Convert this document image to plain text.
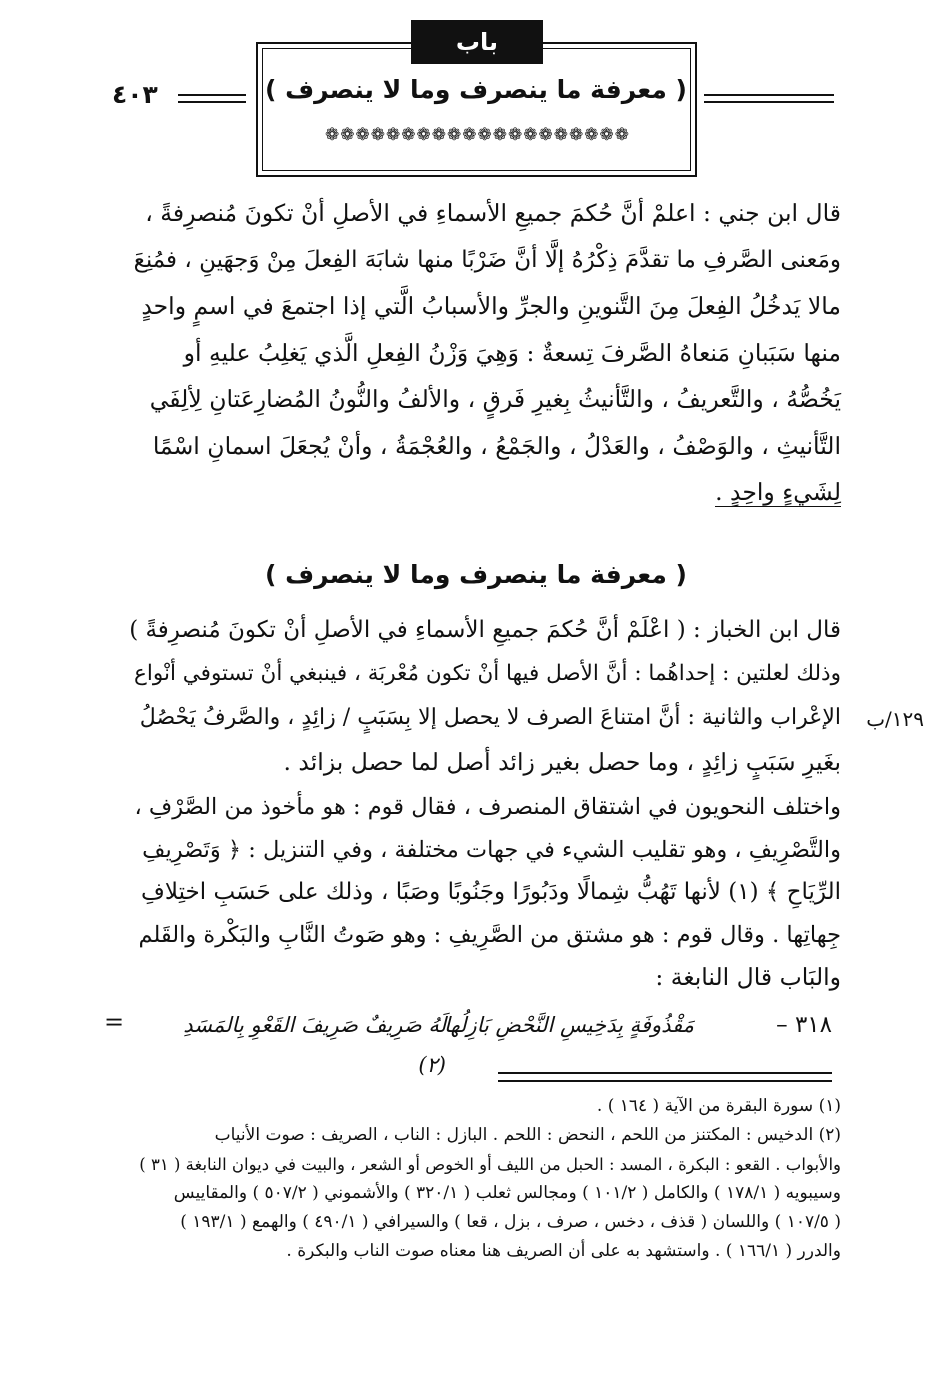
باب
( معرفة ما ينصرف وما لا ينصرف )
❁ ❁ ❁ ❁ ❁ ❁ ❁ ❁ ❁ ❁ ❁ ❁ ❁ ❁ ❁ ❁ ❁ ❁ ❁ ❁
٤٠٣
قال ابن جني : اعلمْ أنَّ حُكمَ جميعِ الأسماءِ في الأصلِ أنْ تكونَ مُنصرِفةً ،
ومَعنى الصَّرفِ ما تقدَّمَ ذِكْرُهُ إلَّا أنَّ ضَرْبًا منها شابَهَ الفِعلَ مِنْ وَجهَينِ ، فمُنِعَ
مالا يَدخُلُ الفِعلَ مِنَ التَّنوينِ والجرِّ والأسبابُ الَّتي إذا اجتمعَ في اسمٍ واحدٍ
منها سَبَبانِ مَنعاهُ الصَّرفَ تِسعةٌ : وَهِيَ وَزْنُ الفِعلِ الَّذي يَغلِبُ عليهِ أو
يَخُصُّهُ ، والتَّعريفُ ، والتَّأنيثُ بِغيرِ فَرقٍ ، والألفُ والنُّونُ المُضارِعَتانِ لِألِفَي
التَّأنيثِ ، والوَصْفُ ، والعَدْلُ ، والجَمْعُ ، والعُجْمَةُ ، وأنْ يُجعَلَ اسمانِ اسْمًا
لِشَيءٍ واحِدٍ .
( معرفة ما ينصرف وما لا ينصرف )
قال ابن الخباز : ( اعْلَمْ أنَّ حُكمَ جميعِ الأسماءِ في الأصلِ أنْ تكونَ مُنصرِفةً )
وذلك لعلتين : إحداهُما : أنَّ الأصل فيها أنْ تكون مُعْربَة ، فينبغي أنْ تستوفي أنْواع
الإعْراب والثانية : أنَّ امتناعَ الصرف لا يحصل إلا بِسَبَبٍ / زائِدٍ ، والصَّرفُ يَحْصُلُ
بغَيرِ سَبَبٍ زائِدٍ ، وما حصل بغير زائد أصل لما حصل بزائد .
١٢٩/ب
واختلف النحويون في اشتقاق المنصرف ، فقال قوم : هو مأخوذ من الصَّرْفِ ،
والتَّصْرِيفِ ، وهو تقليب الشيء في جهات مختلفة ، وفي التنزيل : ﴿ وَتَصْرِيفِ
الرِّيَاحِ ﴾ (١) لأنها تَهُبُّ شِمالًا ودَبُورًا وجَنُوبًا وصَبًا ، وذلك على حَسَبِ اختِلافِ
جِهاتِها . وقال قوم : هو مشتق من الصَّرِيفِ : وهو صَوتُ النَّابِ والبَكْرة والقَلم
والبَاب قال النابغة :
٣١٨ –
مَقْذُوفَةٍ بِدَخِيسِ النَّحْضِ بَازِلُها
لَهُ صَرِيفٌ صَرِيفَ القَعْوِ بِالمَسَدِ (٢)
=
(١) سورة البقرة من الآية ( ١٦٤ ) .
(٢) الدخيس : المكتنز من اللحم ، النحض : اللحم . البازل : الناب ، الصريف : صوت الأنياب
والأبواب . القعو : البكرة ، المسد : الحبل من الليف أو الخوص أو الشعر ، والبيت في ديوان النابغة ( ٣١ )
وسيبويه ( ١٧٨/١ ) والكامل ( ١٠١/٢ ) ومجالس ثعلب ( ٣٢٠/١ ) والأشموني ( ٥٠٧/٢ ) والمقاييس
( ١٠٧/٥ ) واللسان ( قذف ، دخس ، صرف ، بزل ، قعا ) والسيرافي ( ٤٩٠/١ ) والهمع ( ١٩٣/١ )
والدرر ( ١٦٦/١ ) . واستشهد به على أن الصريف هنا معناه صوت الناب والبكرة .
